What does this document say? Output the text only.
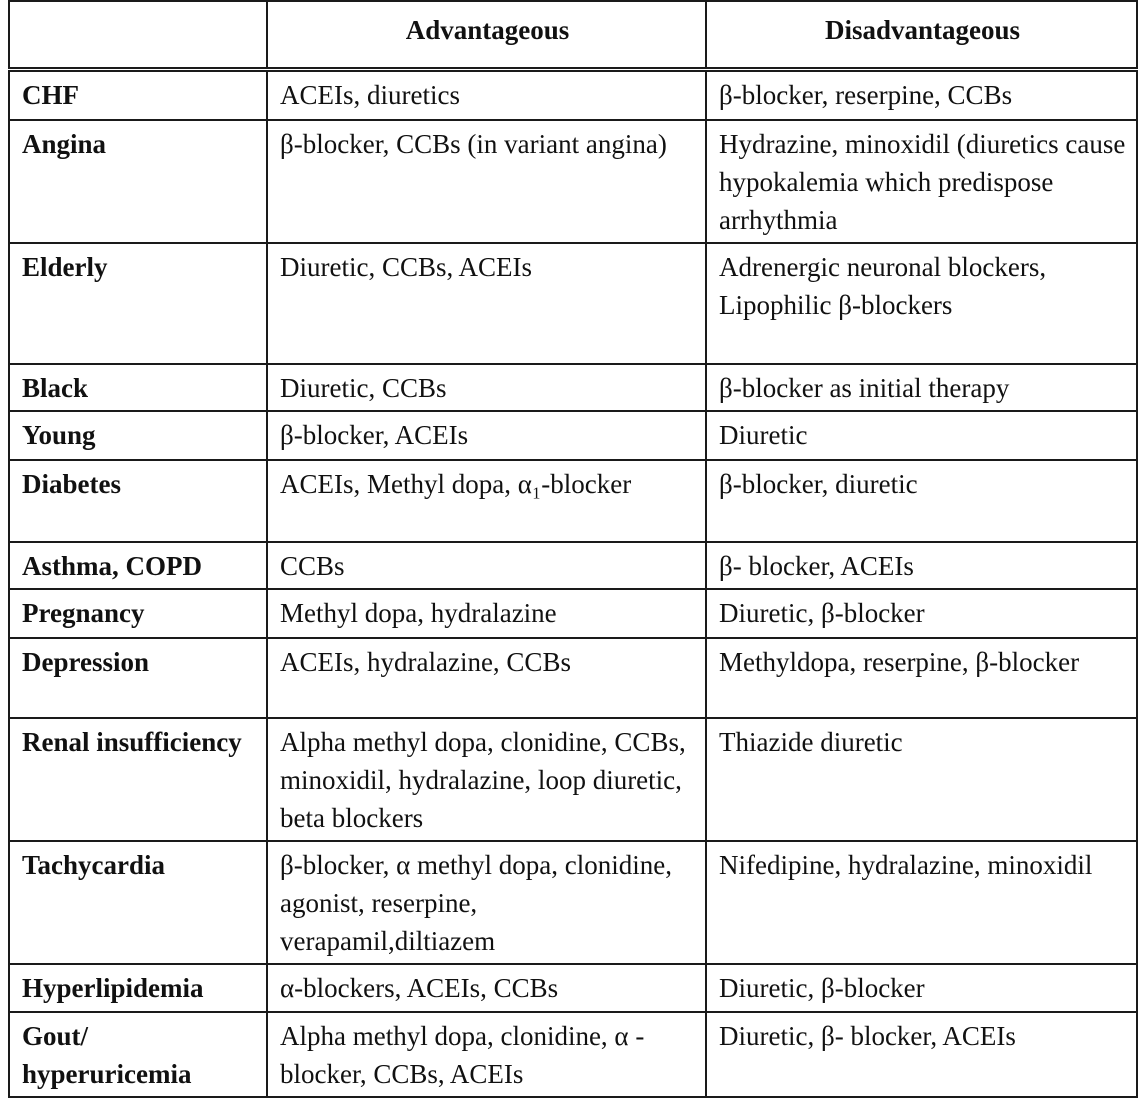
	Advantageous	Disadvantageous
CHF	ACEIs, diuretics	β-blocker, reserpine, CCBs
Angina	β-blocker, CCBs (in variant angina)	Hydrazine, minoxidil (diuretics cause hypokalemia which predispose arrhythmia
Elderly	Diuretic, CCBs, ACEIs	Adrenergic neuronal blockers, Lipophilic β-blockers
Black	Diuretic, CCBs	β-blocker as initial therapy
Young	β-blocker, ACEIs	Diuretic
Diabetes	ACEIs, Methyl dopa, α₁-blocker	β-blocker, diuretic
Asthma, COPD	CCBs	β- blocker, ACEIs
Pregnancy	Methyl dopa, hydralazine	Diuretic, β-blocker
Depression	ACEIs, hydralazine, CCBs	Methyldopa, reserpine, β-blocker
Renal insufficiency	Alpha methyl dopa, clonidine, CCBs, minoxidil, hydralazine, loop diuretic, beta blockers	Thiazide diuretic
Tachycardia	β-blocker, α methyl dopa, clonidine, agonist, reserpine, verapamil,diltiazem	Nifedipine, hydralazine, minoxidil
Hyperlipidemia	α-blockers, ACEIs, CCBs	Diuretic, β-blocker
Gout/ hyperuricemia	Alpha methyl dopa, clonidine, α - blocker, CCBs, ACEIs	Diuretic, β- blocker, ACEIs
